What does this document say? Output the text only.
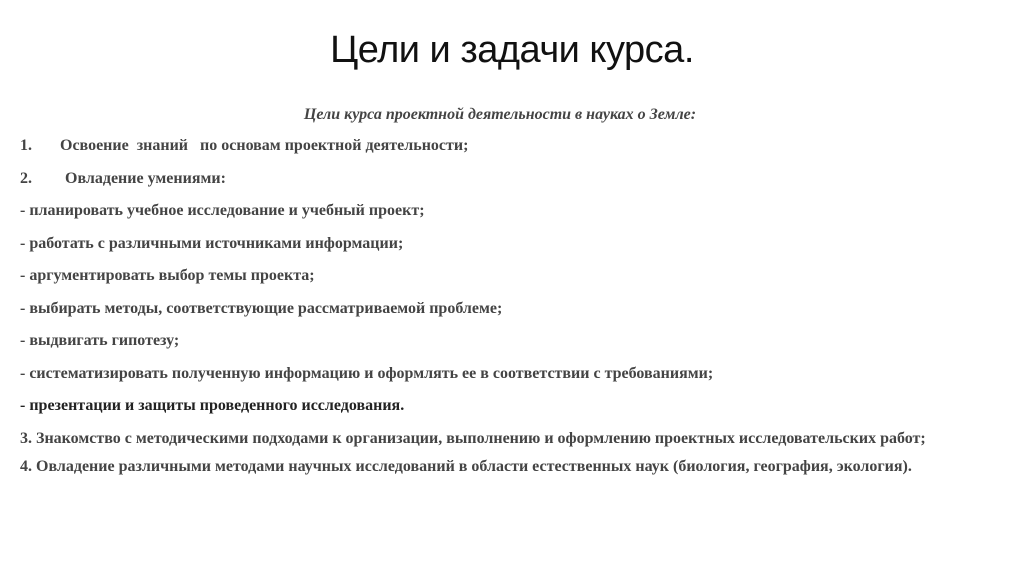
Цели и задачи курса.
Цели курса проектной деятельности в науках о Земле:
1. Освоение  знаний   по основам проектной деятельности;
2. Овладение умениями:
- планировать учебное исследование и учебный проект;
- работать с различными источниками информации;
- аргументировать выбор темы проекта;
- выбирать методы, соответствующие рассматриваемой проблеме;
- выдвигать гипотезу;
- систематизировать полученную информацию и оформлять ее в соответствии с требованиями;
- презентации и защиты проведенного исследования.
3. Знакомство с методическими подходами к организации, выполнению и оформлению проектных исследовательских работ;
4. Овладение различными методами научных исследований в области естественных наук (биология, география, экология).
